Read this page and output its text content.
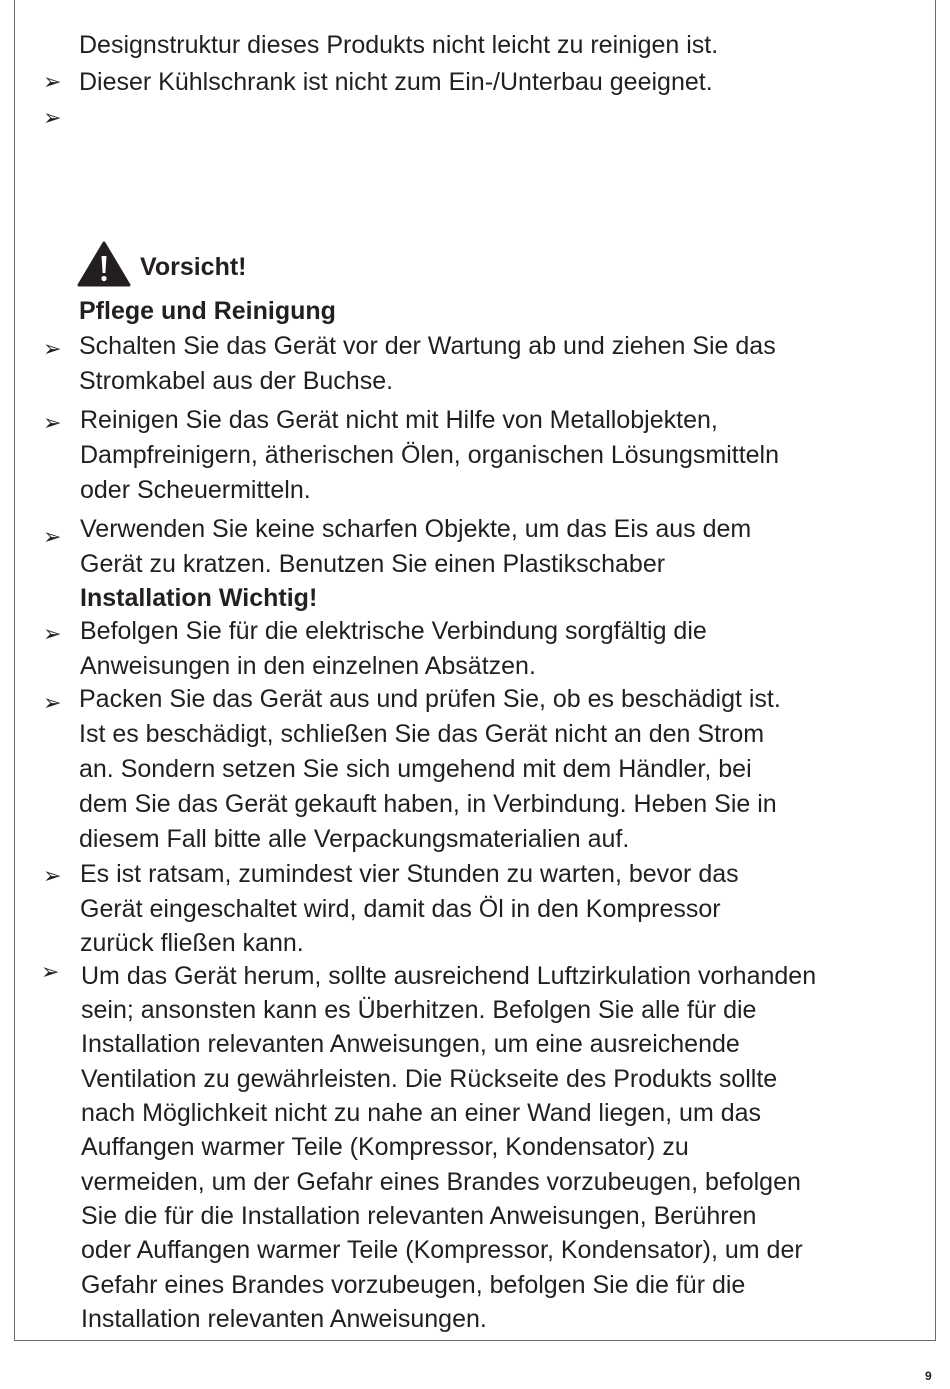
Designstruktur dieses Produkts nicht leicht zu reinigen ist.
➢ Dieser Kühlschrank ist nicht zum Ein-/Unterbau geeignet.
➢
Vorsicht!
Pflege und Reinigung
➢ Schalten Sie das Gerät vor der Wartung ab und ziehen Sie das
Stromkabel aus der Buchse.
➢ Reinigen Sie das Gerät nicht mit Hilfe von Metallobjekten,
Dampfreinigern, ätherischen Ölen, organischen Lösungsmitteln
oder Scheuermitteln.
➢ Verwenden Sie keine scharfen Objekte, um das Eis aus dem
Gerät zu kratzen. Benutzen Sie einen Plastikschaber
Installation Wichtig!
➢ Befolgen Sie für die elektrische Verbindung sorgfältig die
Anweisungen in den einzelnen Absätzen.
➢ Packen Sie das Gerät aus und prüfen Sie, ob es beschädigt ist.
Ist es beschädigt, schließen Sie das Gerät nicht an den Strom
an. Sondern setzen Sie sich umgehend mit dem Händler, bei
dem Sie das Gerät gekauft haben, in Verbindung. Heben Sie in
diesem Fall bitte alle Verpackungsmaterialien auf.
➢ Es ist ratsam, zumindest vier Stunden zu warten, bevor das
Gerät eingeschaltet wird, damit das Öl in den Kompressor
zurück fließen kann.
➢ Um das Gerät herum, sollte ausreichend Luftzirkulation vorhanden
sein; ansonsten kann es Überhitzen. Befolgen Sie alle für die
Installation relevanten Anweisungen, um eine ausreichende
Ventilation zu gewährleisten. Die Rückseite des Produkts sollte
nach Möglichkeit nicht zu nahe an einer Wand liegen, um das
Auffangen warmer Teile (Kompressor, Kondensator) zu
vermeiden, um der Gefahr eines Brandes vorzubeugen, befolgen
Sie die für die Installation relevanten Anweisungen, Berühren
oder Auffangen warmer Teile (Kompressor, Kondensator), um der
Gefahr eines Brandes vorzubeugen, befolgen Sie die für die
Installation relevanten Anweisungen.
9
